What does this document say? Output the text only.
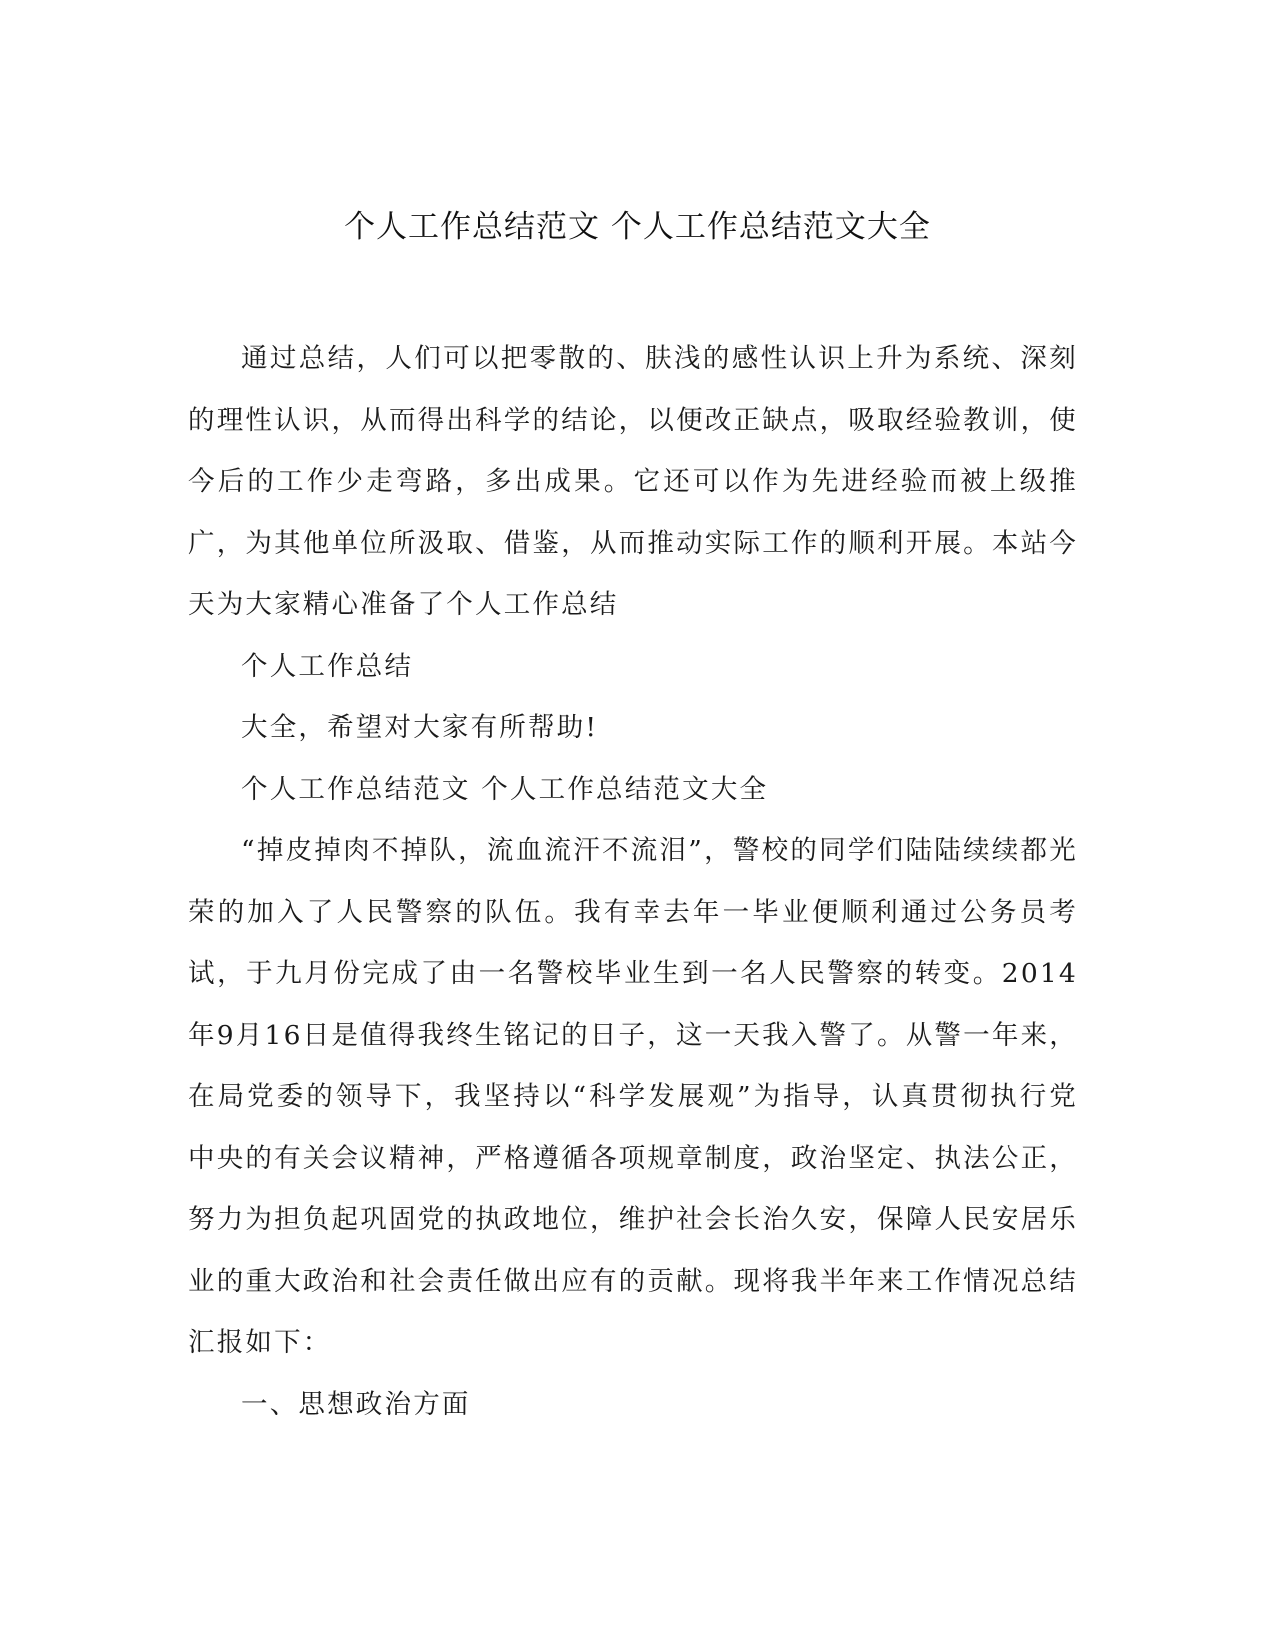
个人工作总结范文 个人工作总结范文大全

通过总结，人们可以把零散的、肤浅的感性认识上升为系统、深刻的理性认识，从而得出科学的结论，以便改正缺点，吸取经验教训，使今后的工作少走弯路，多出成果。它还可以作为先进经验而被上级推广，为其他单位所汲取、借鉴，从而推动实际工作的顺利开展。本站今天为大家精心准备了个人工作总结

个人工作总结

大全，希望对大家有所帮助!

个人工作总结范文 个人工作总结范文大全

“掉皮掉肉不掉队，流血流汗不流泪”，警校的同学们陆陆续续都光荣的加入了人民警察的队伍。我有幸去年一毕业便顺利通过公务员考试，于九月份完成了由一名警校毕业生到一名人民警察的转变。2014年9月16日是值得我终生铭记的日子，这一天我入警了。从警一年来，在局党委的领导下，我坚持以“科学发展观”为指导，认真贯彻执行党中央的有关会议精神，严格遵循各项规章制度，政治坚定、执法公正，努力为担负起巩固党的执政地位，维护社会长治久安，保障人民安居乐业的重大政治和社会责任做出应有的贡献。现将我半年来工作情况总结汇报如下：

一、思想政治方面
